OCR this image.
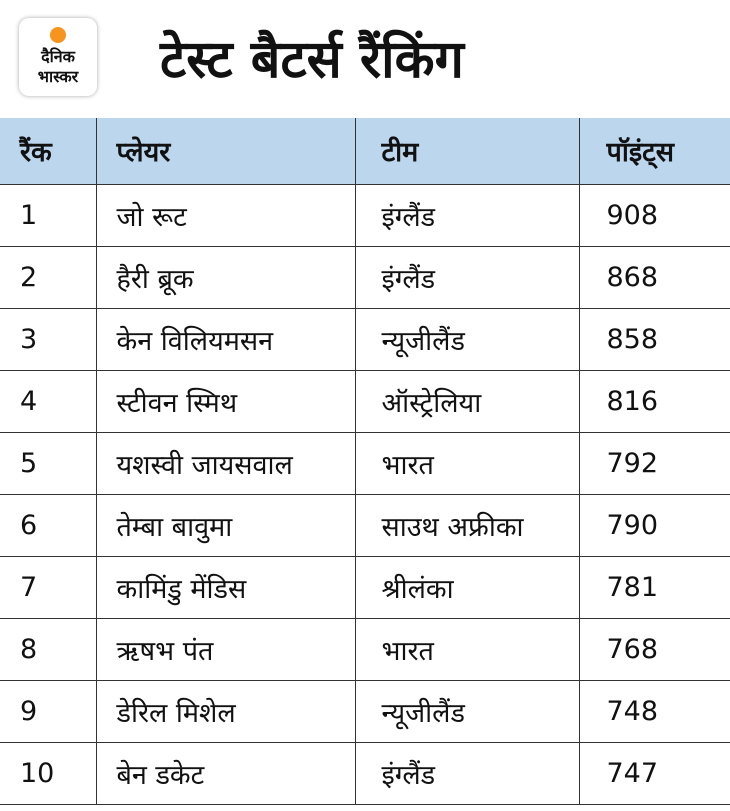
दैनिक
भास्कर	टेस्ट बैटर्स रैंकिंग
रैंक	प्लेयर	टीम	पॉइंट्स
1	जो रूट	इंग्लैंड	908
2	हैरी ब्रूक	इंग्लैंड	868
3	केन विलियमसन	न्यूजीलैंड	858
4	स्टीवन स्मिथ	ऑस्ट्रेलिया	816
5	यशस्वी जायसवाल	भारत	792
6	तेम्बा बावुमा	साउथ अफ्रीका	790
7	कामिंडु मेंडिस	श्रीलंका	781
8	ऋषभ पंत	भारत	768
9	डेरिल मिशेल	न्यूजीलैंड	748
10	बेन डकेट	इंग्लैंड	747
